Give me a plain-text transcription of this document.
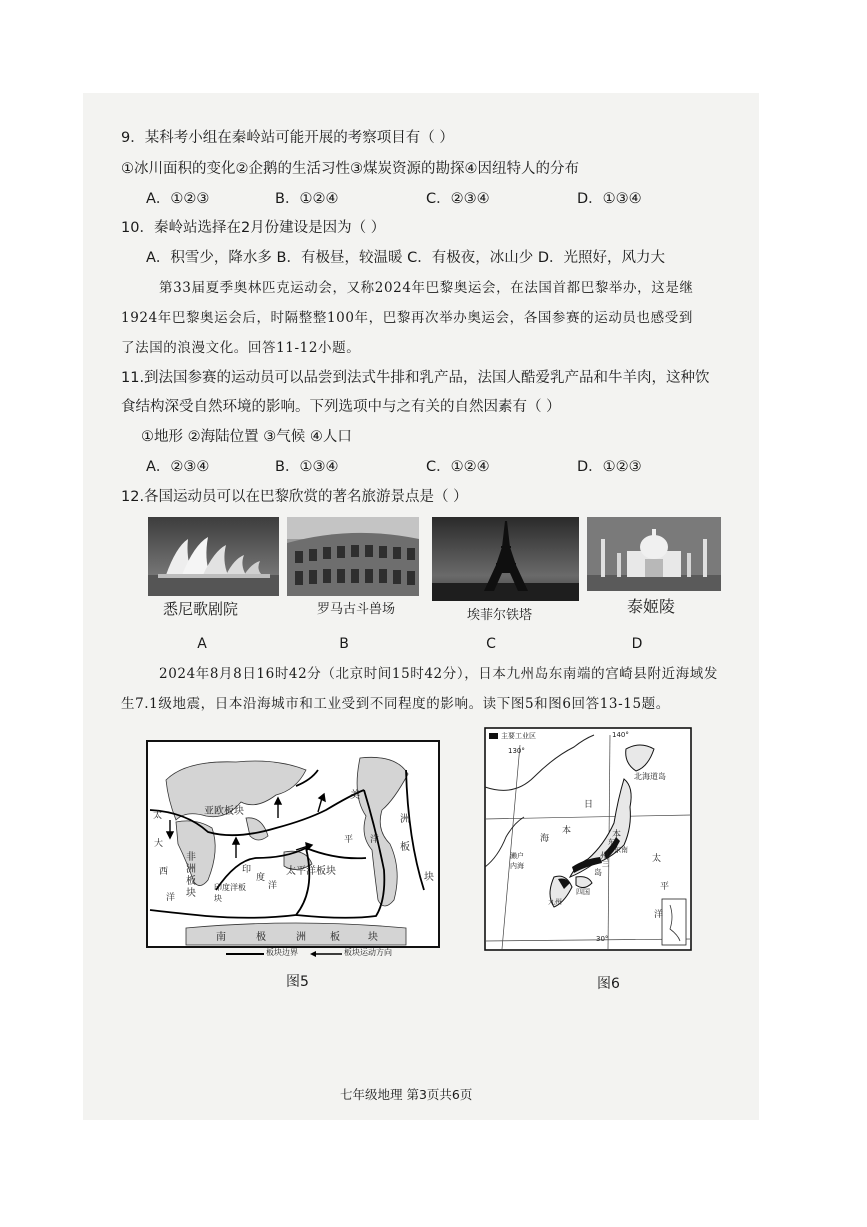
9．某科考小组在秦岭站可能开展的考察项目有（ ）
①冰川面积的变化②企鹅的生活习性③煤炭资源的勘探④因纽特人的分布
A．①②③	B．①②④	C．②③④	D．①③④
10．秦岭站选择在2月份建设是因为（ ）
A．积雪少，降水多 B．有极昼，较温暖 C．有极夜，冰山少 D．光照好，风力大
第33届夏季奥林匹克运动会，又称2024年巴黎奥运会，在法国首都巴黎举办，这是继
1924年巴黎奥运会后，时隔整整100年，巴黎再次举办奥运会，各国参赛的运动员也感受到
了法国的浪漫文化。回答11-12小题。
11.到法国参赛的运动员可以品尝到法式牛排和乳产品，法国人酷爱乳产品和牛羊肉，这种饮
食结构深受自然环境的影响。下列选项中与之有关的自然因素有（ ）
①地形 ②海陆位置 ③气候 ④人口
A．②③④	B．①③④	C．①②④	D．①②③
12.各国运动员可以在巴黎欣赏的著名旅游景点是（ ）
悉尼歌剧院	罗马古斗兽场	埃菲尔铁塔	泰姬陵
A	B	C	D
2024年8月8日16时42分（北京时间15时42分），日本九州岛东南端的宫崎县附近海域发
生7.1级地震，日本沿海城市和工业受到不同程度的影响。读下图5和图6回答13-15题。
亚欧板块
太平洋板块
印度洋板块
非
洲
板
块
美
洲
板
块
南	极	洲 板	块
太
平 洋
大
西
洋
印
度
洋
板块边界	板块运动方向
图5
主要工业区
130°
140°
30°
北海道岛
日
本
海	本
濑户内海
州	太
平
洋
岛
东
三
九州
四国
东南
图6
七年级地理 第3页共6页
